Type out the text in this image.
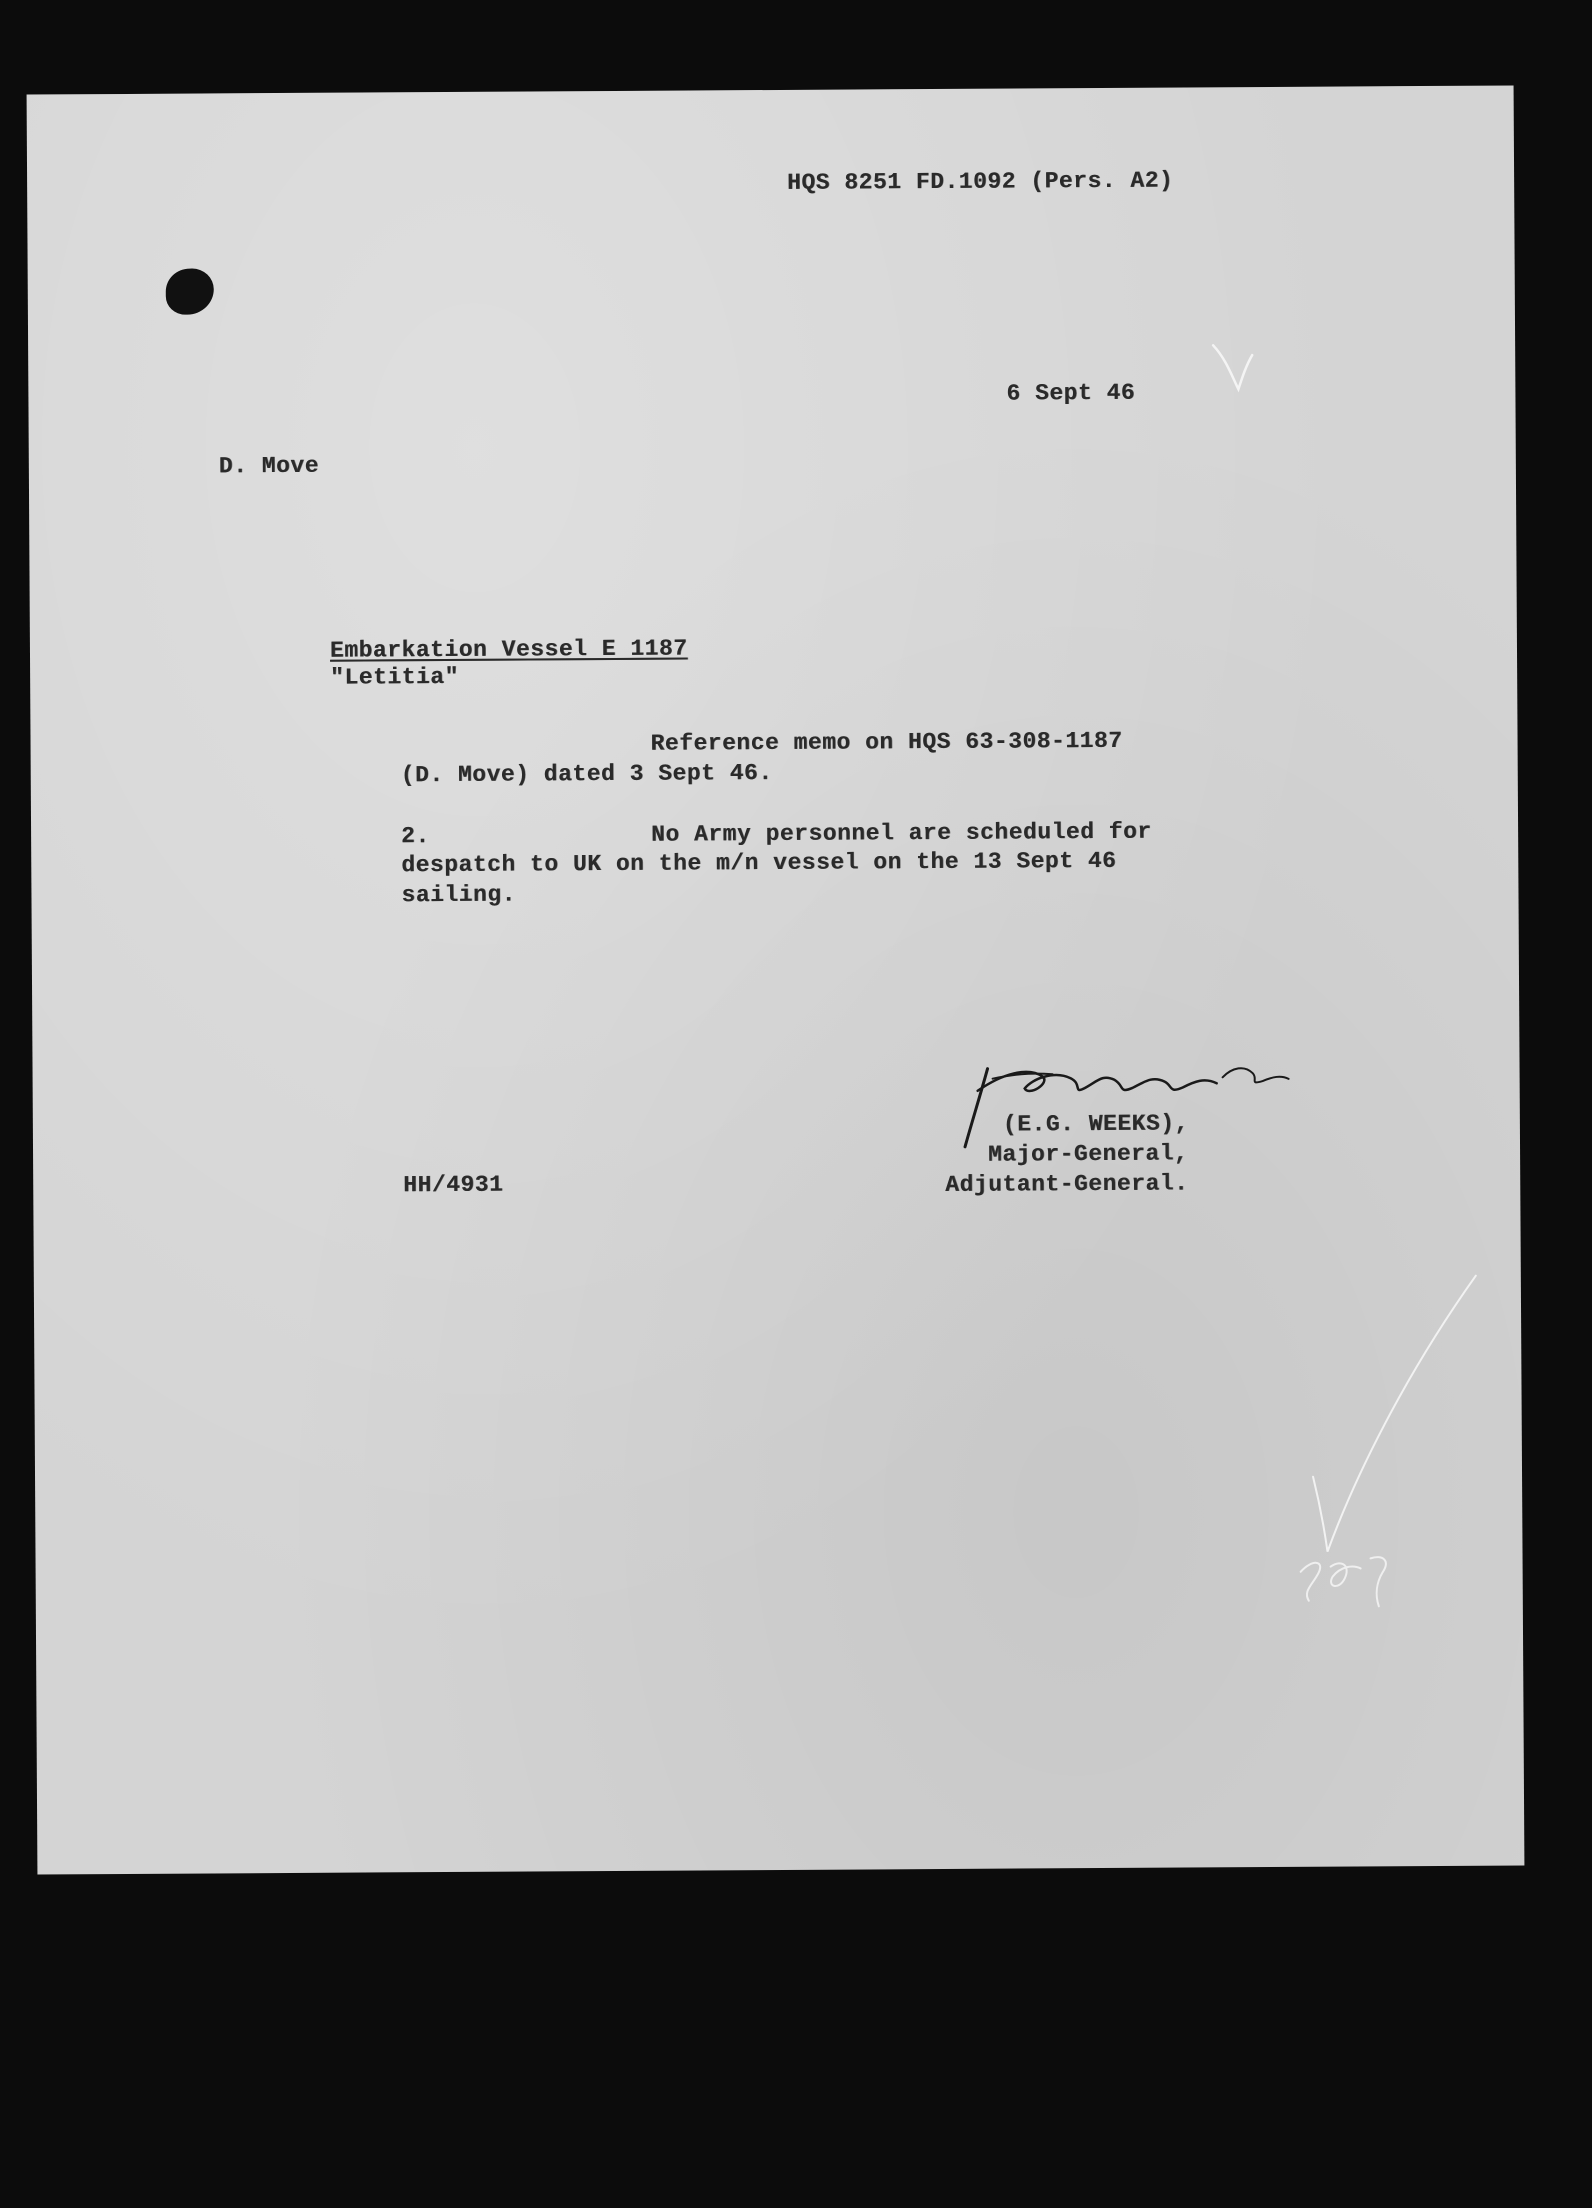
HQS 8251 FD.1092 (Pers. A2)
6 Sept 46
D. Move
Embarkation Vessel E 1187
"Letitia"
Reference memo on HQS 63-308-1187
(D. Move) dated 3 Sept 46.
2.	No Army personnel are scheduled for
despatch to UK on the m/n vessel on the 13 Sept 46
sailing.
(E.G. WEEKS),
Major-General,
Adjutant-General.
HH/4931
